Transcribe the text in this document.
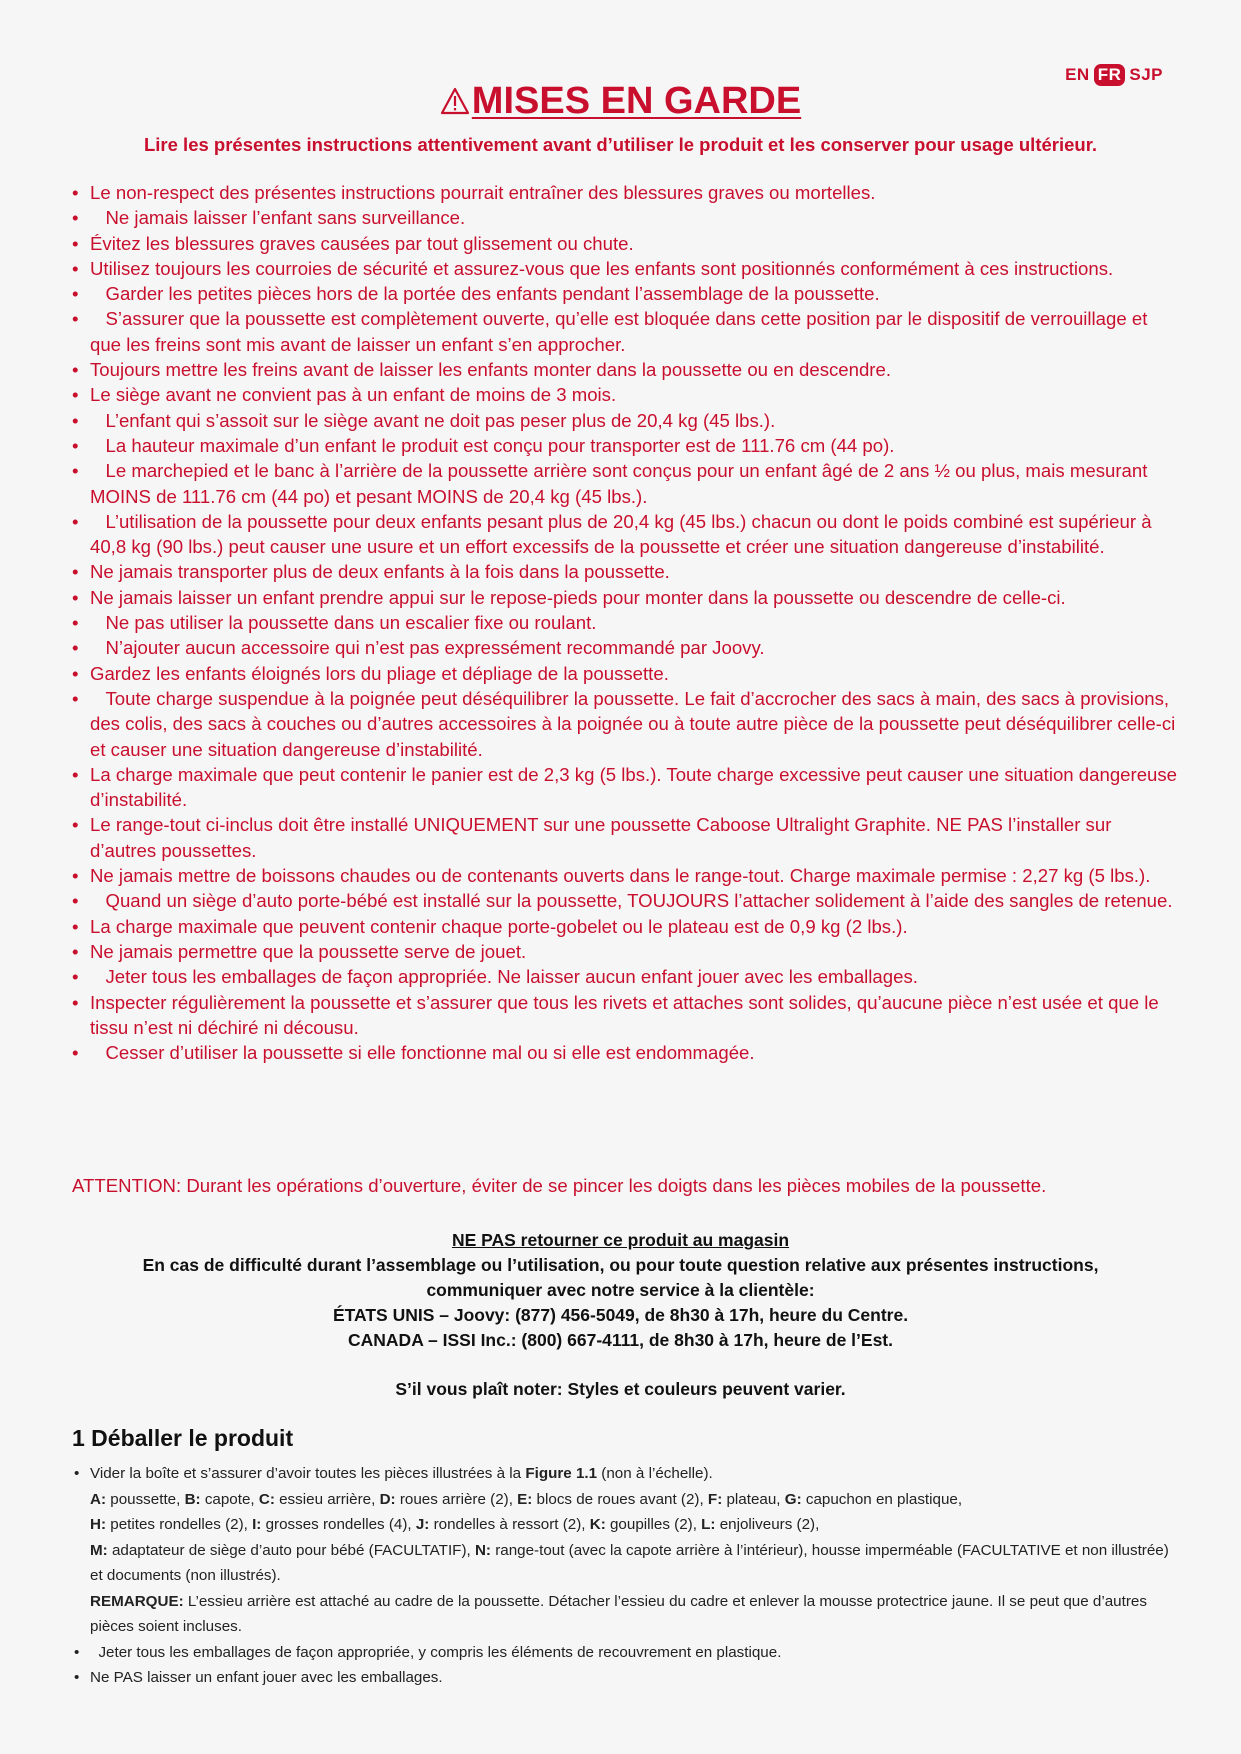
EN FR SJP
MISES EN GARDE
Lire les présentes instructions attentivement avant d’utiliser le produit et les conserver pour usage ultérieur.
• Le non-respect des présentes instructions pourrait entraîner des blessures graves ou mortelles.
• Ne jamais laisser l’enfant sans surveillance.
• Évitez les blessures graves causées par tout glissement ou chute.
• Utilisez toujours les courroies de sécurité et assurez-vous que les enfants sont positionnés conformément à ces instructions.
• Garder les petites pièces hors de la portée des enfants pendant l’assemblage de la poussette.
• S’assurer que la poussette est complètement ouverte, qu’elle est bloquée dans cette position par le dispositif de verrouillage et que les freins sont mis avant de laisser un enfant s’en approcher.
• Toujours mettre les freins avant de laisser les enfants monter dans la poussette ou en descendre.
• Le siège avant ne convient pas à un enfant de moins de 3 mois.
• L’enfant qui s’assoit sur le siège avant ne doit pas peser plus de 20,4 kg (45 lbs.).
• La hauteur maximale d’un enfant le produit est conçu pour transporter est de 111.76 cm (44 po).
• Le marchepied et le banc à l’arrière de la poussette arrière sont conçus pour un enfant âgé de 2 ans ½ ou plus, mais mesurant MOINS de 111.76 cm (44 po) et pesant MOINS de 20,4 kg (45 lbs.).
• L’utilisation de la poussette pour deux enfants pesant plus de 20,4 kg (45 lbs.) chacun ou dont le poids combiné est supérieur à 40,8 kg (90 lbs.) peut causer une usure et un effort excessifs de la poussette et créer une situation dangereuse d’instabilité.
• Ne jamais transporter plus de deux enfants à la fois dans la poussette.
• Ne jamais laisser un enfant prendre appui sur le repose-pieds pour monter dans la poussette ou descendre de celle-ci.
• Ne pas utiliser la poussette dans un escalier fixe ou roulant.
• N’ajouter aucun accessoire qui n’est pas expressément recommandé par Joovy.
• Gardez les enfants éloignés lors du pliage et dépliage de la poussette.
• Toute charge suspendue à la poignée peut déséquilibrer la poussette. Le fait d’accrocher des sacs à main, des sacs à provisions, des colis, des sacs à couches ou d’autres accessoires à la poignée ou à toute autre pièce de la poussette peut déséquilibrer celle-ci et causer une situation dangereuse d’instabilité.
• La charge maximale que peut contenir le panier est de 2,3 kg (5 lbs.). Toute charge excessive peut causer une situation dangereuse d’instabilité.
• Le range-tout ci-inclus doit être installé UNIQUEMENT sur une poussette Caboose Ultralight Graphite. NE PAS l’installer sur d’autres poussettes.
• Ne jamais mettre de boissons chaudes ou de contenants ouverts dans le range-tout. Charge maximale permise : 2,27 kg (5 lbs.).
• Quand un siège d’auto porte-bébé est installé sur la poussette, TOUJOURS l’attacher solidement à l’aide des sangles de retenue.
• La charge maximale que peuvent contenir chaque porte-gobelet ou le plateau est de 0,9 kg (2 lbs.).
• Ne jamais permettre que la poussette serve de jouet.
• Jeter tous les emballages de façon appropriée. Ne laisser aucun enfant jouer avec les emballages.
• Inspecter régulièrement la poussette et s’assurer que tous les rivets et attaches sont solides, qu’aucune pièce n’est usée et que le tissu n’est ni déchiré ni décousu.
• Cesser d’utiliser la poussette si elle fonctionne mal ou si elle est endommagée.
ATTENTION: Durant les opérations d’ouverture, éviter de se pincer les doigts dans les pièces mobiles de la poussette.
NE PAS retourner ce produit au magasin
En cas de difficulté durant l’assemblage ou l’utilisation, ou pour toute question relative aux présentes instructions,
communiquer avec notre service à la clientèle:
ÉTATS UNIS – Joovy: (877) 456-5049, de 8h30 à 17h, heure du Centre.
CANADA – ISSI Inc.: (800) 667-4111, de 8h30 à 17h, heure de l’Est.
S’il vous plaît noter: Styles et couleurs peuvent varier.
1 Déballer le produit
• Vider la boîte et s’assurer d’avoir toutes les pièces illustrées à la Figure 1.1 (non à l’échelle).

A: poussette, B: capote, C: essieu arrière, D: roues arrière (2), E: blocs de roues avant (2), F: plateau, G: capuchon en plastique,

H: petites rondelles (2), I: grosses rondelles (4), J: rondelles à ressort (2), K: goupilles (2), L: enjoliveurs (2),

M: adaptateur de siège d’auto pour bébé (FACULTATIF), N: range-tout (avec la capote arrière à l’intérieur), housse imperméable (FACULTATIVE et non illustrée) et documents (non illustrés).

REMARQUE: L’essieu arrière est attaché au cadre de la poussette. Détacher l’essieu du cadre et enlever la mousse protectrice jaune. Il se peut que d’autres pièces soient incluses.

• Jeter tous les emballages de façon appropriée, y compris les éléments de recouvrement en plastique.
• Ne PAS laisser un enfant jouer avec les emballages.
